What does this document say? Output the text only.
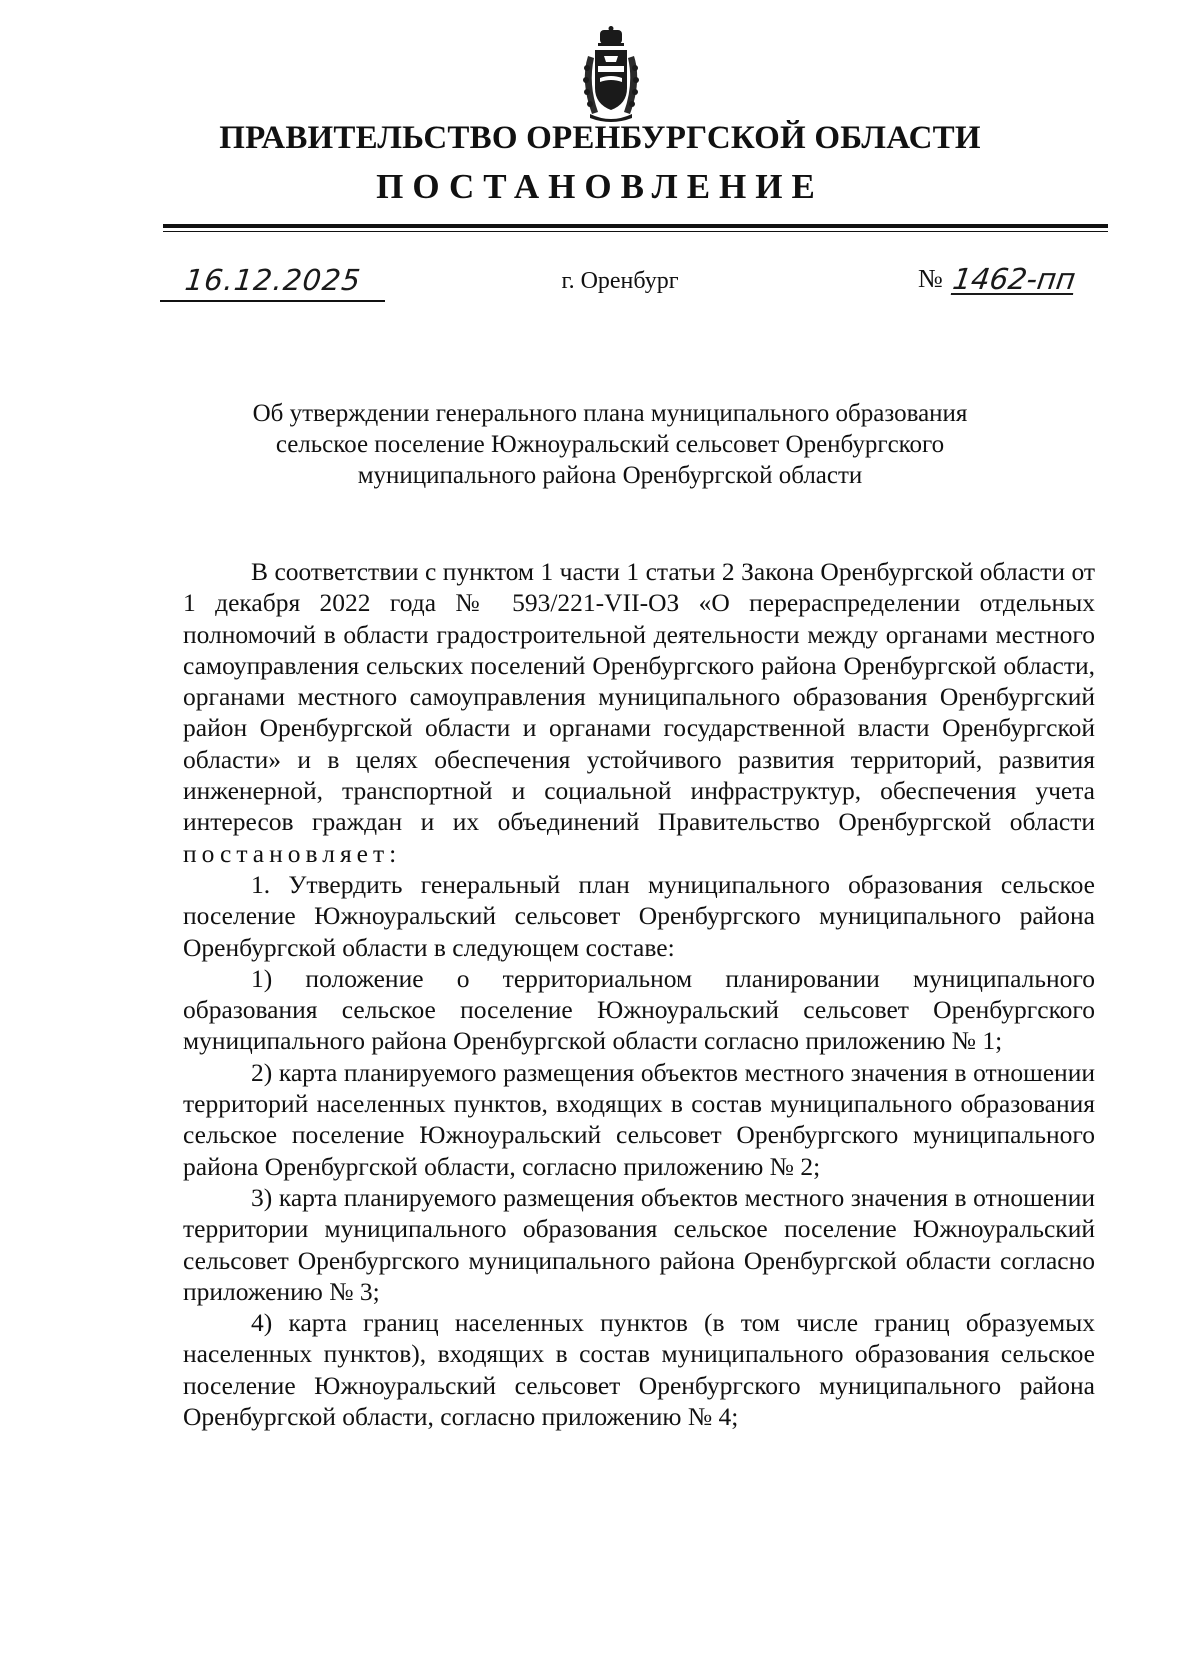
ПРАВИТЕЛЬСТВО ОРЕНБУРГСКОЙ ОБЛАСТИ
ПОСТАНОВЛЕНИЕ
16.12.2025	г. Оренбург	№ 1462-пп
Об утверждении генерального плана муниципального образования
сельское поселение Южноуральский сельсовет Оренбургского
муниципального района Оренбургской области

В соответствии с пунктом 1 части 1 статьи 2 Закона Оренбургской области от 1 декабря 2022 года № 593/221-VII-ОЗ «О перераспределении отдельных полномочий в области градостроительной деятельности между органами местного самоуправления сельских поселений Оренбургского района Оренбургской области, органами местного самоуправления муниципального образования Оренбургский район Оренбургской области и органами государственной власти Оренбургской области» и в целях обеспечения устойчивого развития территорий, развития инженерной, транспортной и социальной инфраструктур, обеспечения учета интересов граждан и их объединений Правительство Оренбургской области постановляет:

1. Утвердить генеральный план муниципального образования сельское поселение Южноуральский сельсовет Оренбургского муниципального района Оренбургской области в следующем составе:

1) положение о территориальном планировании муниципального образования сельское поселение Южноуральский сельсовет Оренбургского муниципального района Оренбургской области согласно приложению № 1;

2) карта планируемого размещения объектов местного значения в отношении территорий населенных пунктов, входящих в состав муниципального образования сельское поселение Южноуральский сельсовет Оренбургского муниципального района Оренбургской области, согласно приложению № 2;

3) карта планируемого размещения объектов местного значения в отношении территории муниципального образования сельское поселение Южноуральский сельсовет Оренбургского муниципального района Оренбургской области согласно приложению № 3;

4) карта границ населенных пунктов (в том числе границ образуемых населенных пунктов), входящих в состав муниципального образования сельское поселение Южноуральский сельсовет Оренбургского муниципального района Оренбургской области, согласно приложению № 4;
